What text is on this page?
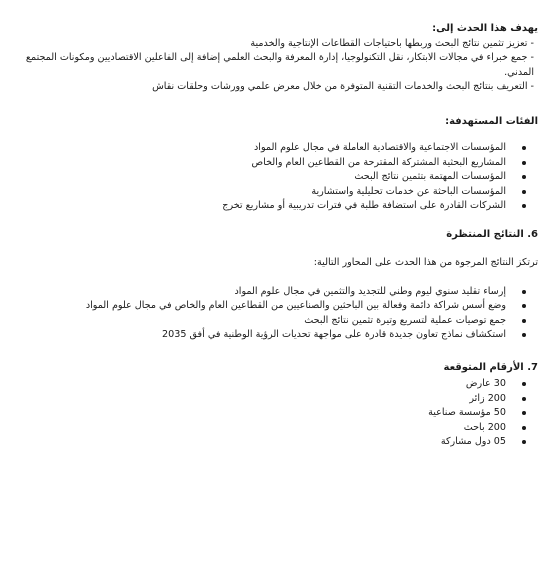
يهدف هذا الحدث إلى:

- تعزيز تثمين نتائج البحث وربطها باحتياجات القطاعات الإنتاجية والخدمية
- جمع خبراء في مجالات الابتكار، نقل التكنولوجيا، إدارة المعرفة والبحث العلمي إضافة إلى الفاعلين الاقتصاديين ومكونات المجتمع المدني.
- التعريف بنتائج البحث والخدمات التقنية المتوفرة من خلال معرض علمي وورشات وحلقات نقاش

الفئات المستهدفة:

المؤسسات الاجتماعية والاقتصادية العاملة في مجال علوم المواد
المشاريع البحثية المشتركة المقترحة من القطاعين العام والخاص
المؤسسات المهتمة بتثمين نتائج البحث
المؤسسات الباحثة عن خدمات تحليلية واستشارية
الشركات القادرة على استضافة طلبة في فترات تدريبية أو مشاريع تخرج

6. النتائج المنتظرة

ترتكز النتائج المرجوة من هذا الحدث على المحاور التالية:

إرساء تقليد سنوي ليوم وطني للتجديد والتثمين في مجال علوم المواد
وضع أسس شراكة دائمة وفعالة بين الباحثين والصناعيين من القطاعين العام والخاص في مجال علوم المواد
جمع توصيات عملية لتسريع وتيرة تثمين نتائج البحث
استكشاف نماذج تعاون جديدة قادرة على مواجهة تحديات الرؤية الوطنية في أفق 2035

7. الأرقام المتوقعة

30 عارض
200 زائر
50 مؤسسة صناعية
200 باحث
05 دول مشاركة
